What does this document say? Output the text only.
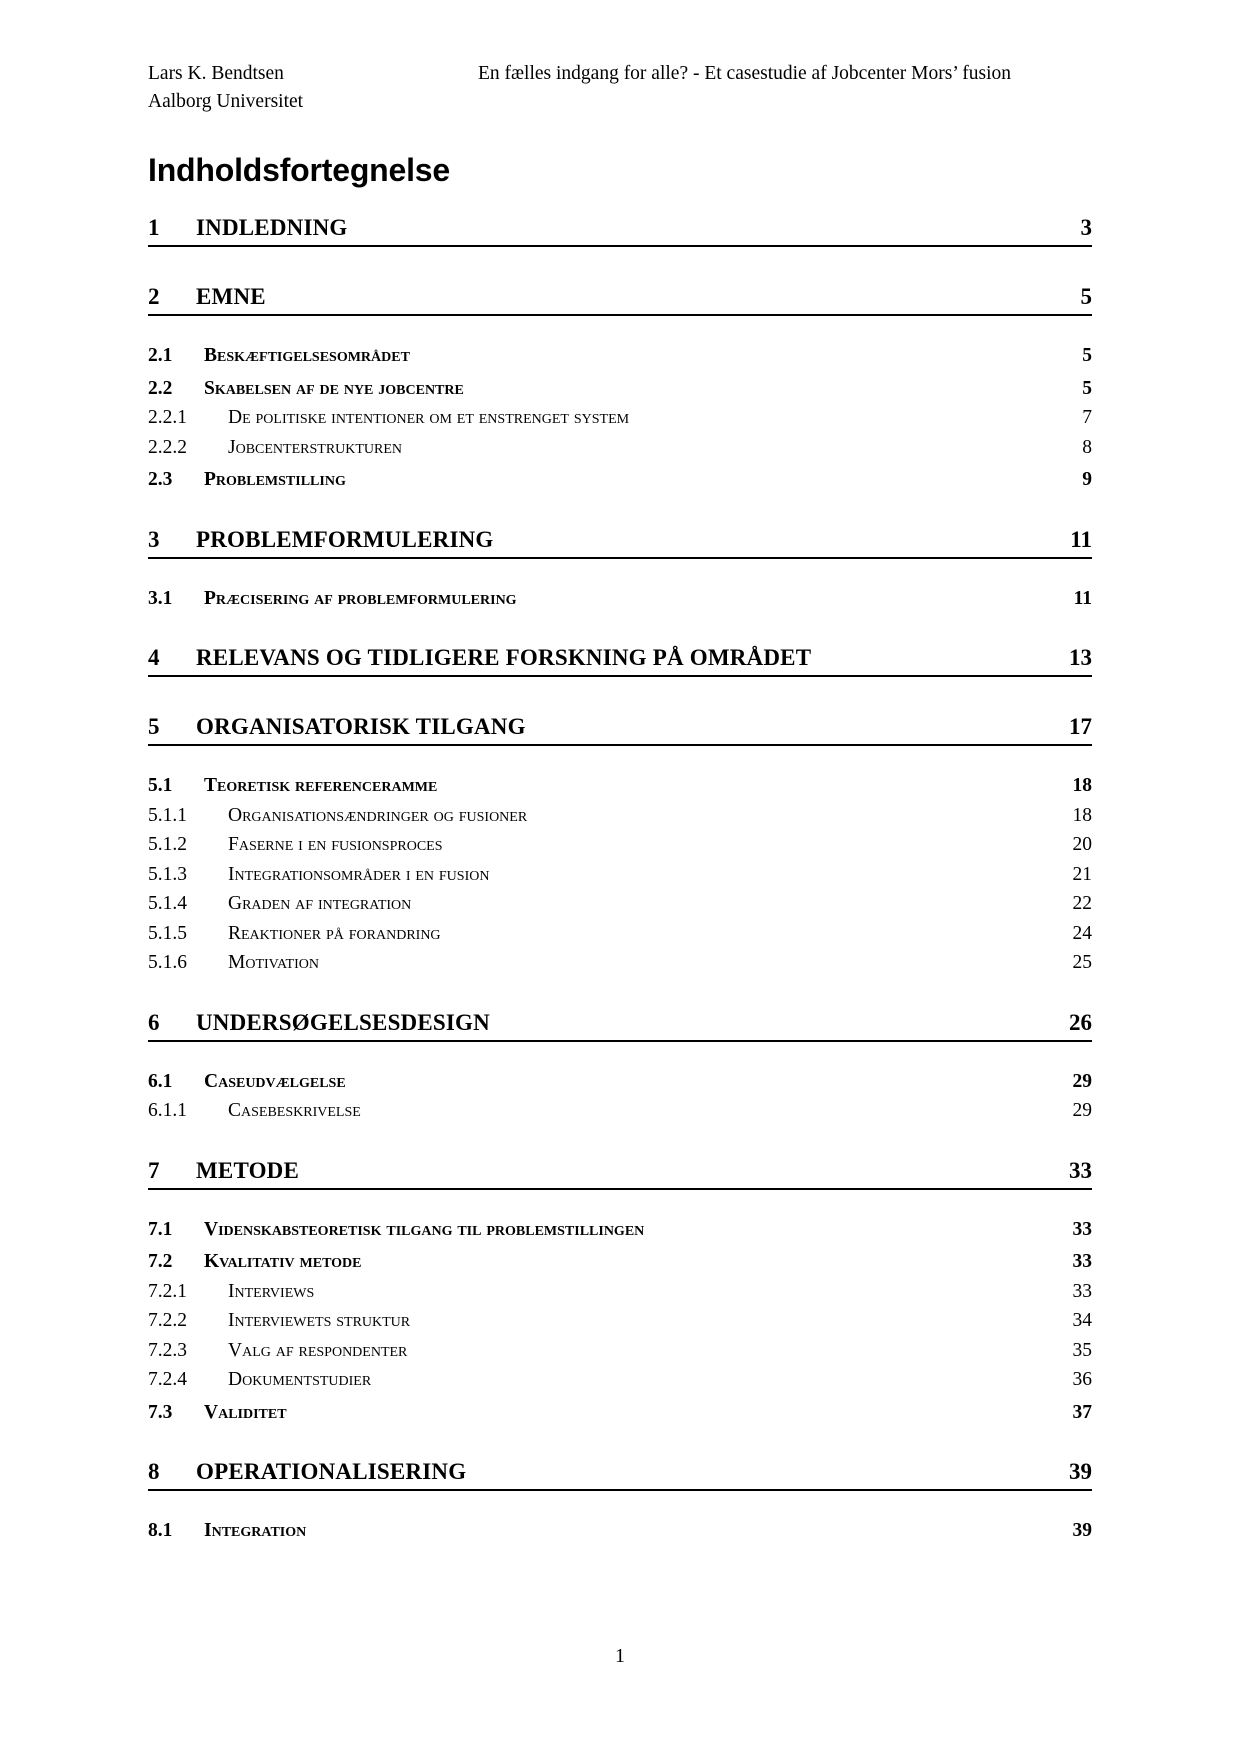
Lars K. Bendtsen
Aalborg Universitet
En fælles indgang for alle? - Et casestudie af Jobcenter Mors’ fusion
Indholdsfortegnelse
1	INDLEDNING	3
2	EMNE	5
2.1	Beskæftigelsesområdet	5
2.2	Skabelsen af de nye jobcentre	5
2.2.1	De politiske intentioner om et enstrenget system	7
2.2.2	Jobcenterstrukturen	8
2.3	Problemstilling	9
3	PROBLEMFORMULERING	11
3.1	Præcisering af problemformulering	11
4	RELEVANS OG TIDLIGERE FORSKNING PÅ OMRÅDET	13
5	ORGANISATORISK TILGANG	17
5.1	Teoretisk referenceramme	18
5.1.1	Organisationsændringer og fusioner	18
5.1.2	Faserne i en fusionsproces	20
5.1.3	Integrationsområder i en fusion	21
5.1.4	Graden af integration	22
5.1.5	Reaktioner på forandring	24
5.1.6	Motivation	25
6	UNDERSØGELSESDESIGN	26
6.1	Caseudvælgelse	29
6.1.1	Casebeskrivelse	29
7	METODE	33
7.1	Videnskabsteoretisk tilgang til problemstillingen	33
7.2	Kvalitativ metode	33
7.2.1	Interviews	33
7.2.2	Interviewets struktur	34
7.2.3	Valg af respondenter	35
7.2.4	Dokumentstudier	36
7.3	Validitet	37
8	OPERATIONALISERING	39
8.1	Integration	39
1
